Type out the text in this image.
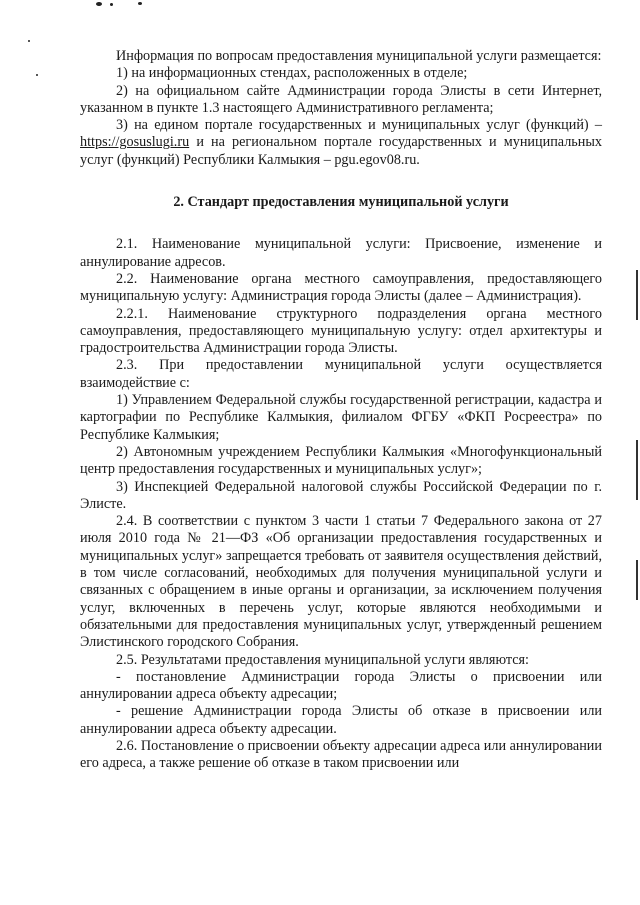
Информация по вопросам предоставления муниципальной услуги размещается:

1) на информационных стендах, расположенных в отделе;

2) на официальном сайте Администрации города Элисты в сети Интернет, указанном в пункте 1.3 настоящего Административного регламента;

3) на едином портале государственных и муниципальных услуг (функций) – https://gosuslugi.ru и на региональном портале государственных и муниципальных услуг (функций) Республики Калмыкия – pgu.egov08.ru.

2. Стандарт предоставления муниципальной услуги

2.1. Наименование муниципальной услуги: Присвоение, изменение и аннулирование адресов.

2.2. Наименование органа местного самоуправления, предоставляющего муниципальную услугу: Администрация города Элисты (далее – Администрация).

2.2.1. Наименование структурного подразделения органа местного самоуправления, предоставляющего муниципальную услугу: отдел архитектуры и градостроительства Администрации города Элисты.

2.3. При предоставлении муниципальной услуги осуществляется взаимодействие с:

1) Управлением Федеральной службы государственной регистрации, кадастра и картографии по Республике Калмыкия, филиалом ФГБУ «ФКП Росреестра» по Республике Калмыкия;

2) Автономным учреждением Республики Калмыкия «Многофункциональный центр предоставления государственных и муниципальных услуг»;

3) Инспекцией Федеральной налоговой службы Российской Федерации по г. Элисте.

2.4. В соответствии с пунктом 3 части 1 статьи 7 Федерального закона от 27 июля 2010 года № 21—ФЗ «Об организации предоставления государственных и муниципальных услуг» запрещается требовать от заявителя осуществления действий, в том числе согласований, необходимых для получения муниципальной услуги и связанных с обращением в иные органы и организации, за исключением получения услуг, включенных в перечень услуг, которые являются необходимыми и обязательными для предоставления муниципальных услуг, утвержденный решением Элистинского городского Собрания.

2.5. Результатами предоставления муниципальной услуги являются:

- постановление Администрации города Элисты о присвоении или аннулировании адреса объекту адресации;

- решение Администрации города Элисты об отказе в присвоении или аннулировании адреса объекту адресации.

2.6. Постановление о присвоении объекту адресации адреса или аннулировании его адреса, а также решение об отказе в таком присвоении или
